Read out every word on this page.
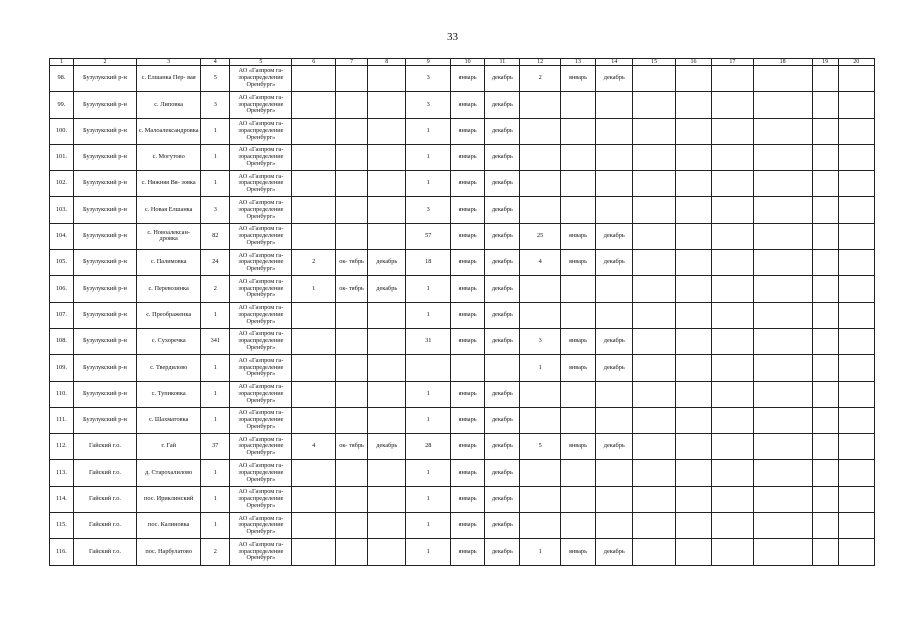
33
1	2	3	4	5	6	7	8	9	10	11	12	13	14	15	16	17	18	19	20
98.	Бузулукский р-н	с. Елшанка Пер- вая	5	АО «Газпром га- зораспределение Оренбург»				3	январь	декабрь	2	январь	декабрь						
99.	Бузулукский р-н	с. Липовка	3	АО «Газпром га- зораспределение Оренбург»				3	январь	декабрь									
100.	Бузулукский р-н	с. Малоалександровка	1	АО «Газпром га- зораспределение Оренбург»				1	январь	декабрь									
101.	Бузулукский р-н	с. Могутово	1	АО «Газпром га- зораспределение Оренбург»				1	январь	декабрь									
102.	Бузулукский р-н	с. Нижняя Вя- зовка	1	АО «Газпром га- зораспределение Оренбург»				1	январь	декабрь									
103.	Бузулукский р-н	с. Новая Елшанка	3	АО «Газпром га- зораспределение Оренбург»				3	январь	декабрь									
104.	Бузулукский р-н	с. Новоалексан- дровка	82	АО «Газпром га- зораспределение Оренбург»				57	январь	декабрь	25	январь	декабрь						
105.	Бузулукский р-н	с. Палимовка	24	АО «Газпром га- зораспределение Оренбург»	2	ок- тябрь	декабрь	18	январь	декабрь	4	январь	декабрь						
106.	Бузулукский р-н	с. Перевозинка	2	АО «Газпром га- зораспределение Оренбург»	1	ок- тябрь	декабрь	1	январь	декабрь									
107.	Бузулукский р-н	с. Преображенка	1	АО «Газпром га- зораспределение Оренбург»				1	январь	декабрь									
108.	Бузулукский р-н	с. Сухоречка	341	АО «Газпром га- зораспределение Оренбург»				31	январь	декабрь	3	январь	декабрь						
109.	Бузулукский р-н	с. Твердилово	1	АО «Газпром га- зораспределение Оренбург»							1	январь	декабрь						
110.	Бузулукский р-н	с. Тупиковка	1	АО «Газпром га- зораспределение Оренбург»				1	январь	декабрь									
111.	Бузулукский р-н	с. Шахматовка	1	АО «Газпром га- зораспределение Оренбург»				1	январь	декабрь									
112.	Гайский г.о.	г. Гай	37	АО «Газпром га- зораспределение Оренбург»	4	ок- тябрь	декабрь	28	январь	декабрь	5	январь	декабрь						
113.	Гайский г.о.	д. Старохалилово	1	АО «Газпром га- зораспределение Оренбург»				1	январь	декабрь									
114.	Гайский г.о.	пос. Ириклинский	1	АО «Газпром га- зораспределение Оренбург»				1	январь	декабрь									
115.	Гайский г.о.	пос. Калиновка	1	АО «Газпром га- зораспределение Оренбург»				1	январь	декабрь									
116.	Гайский г.о.	пос. Нарбулатово	2	АО «Газпром га- зораспределение Оренбург»				1	январь	декабрь	1	январь	декабрь						
